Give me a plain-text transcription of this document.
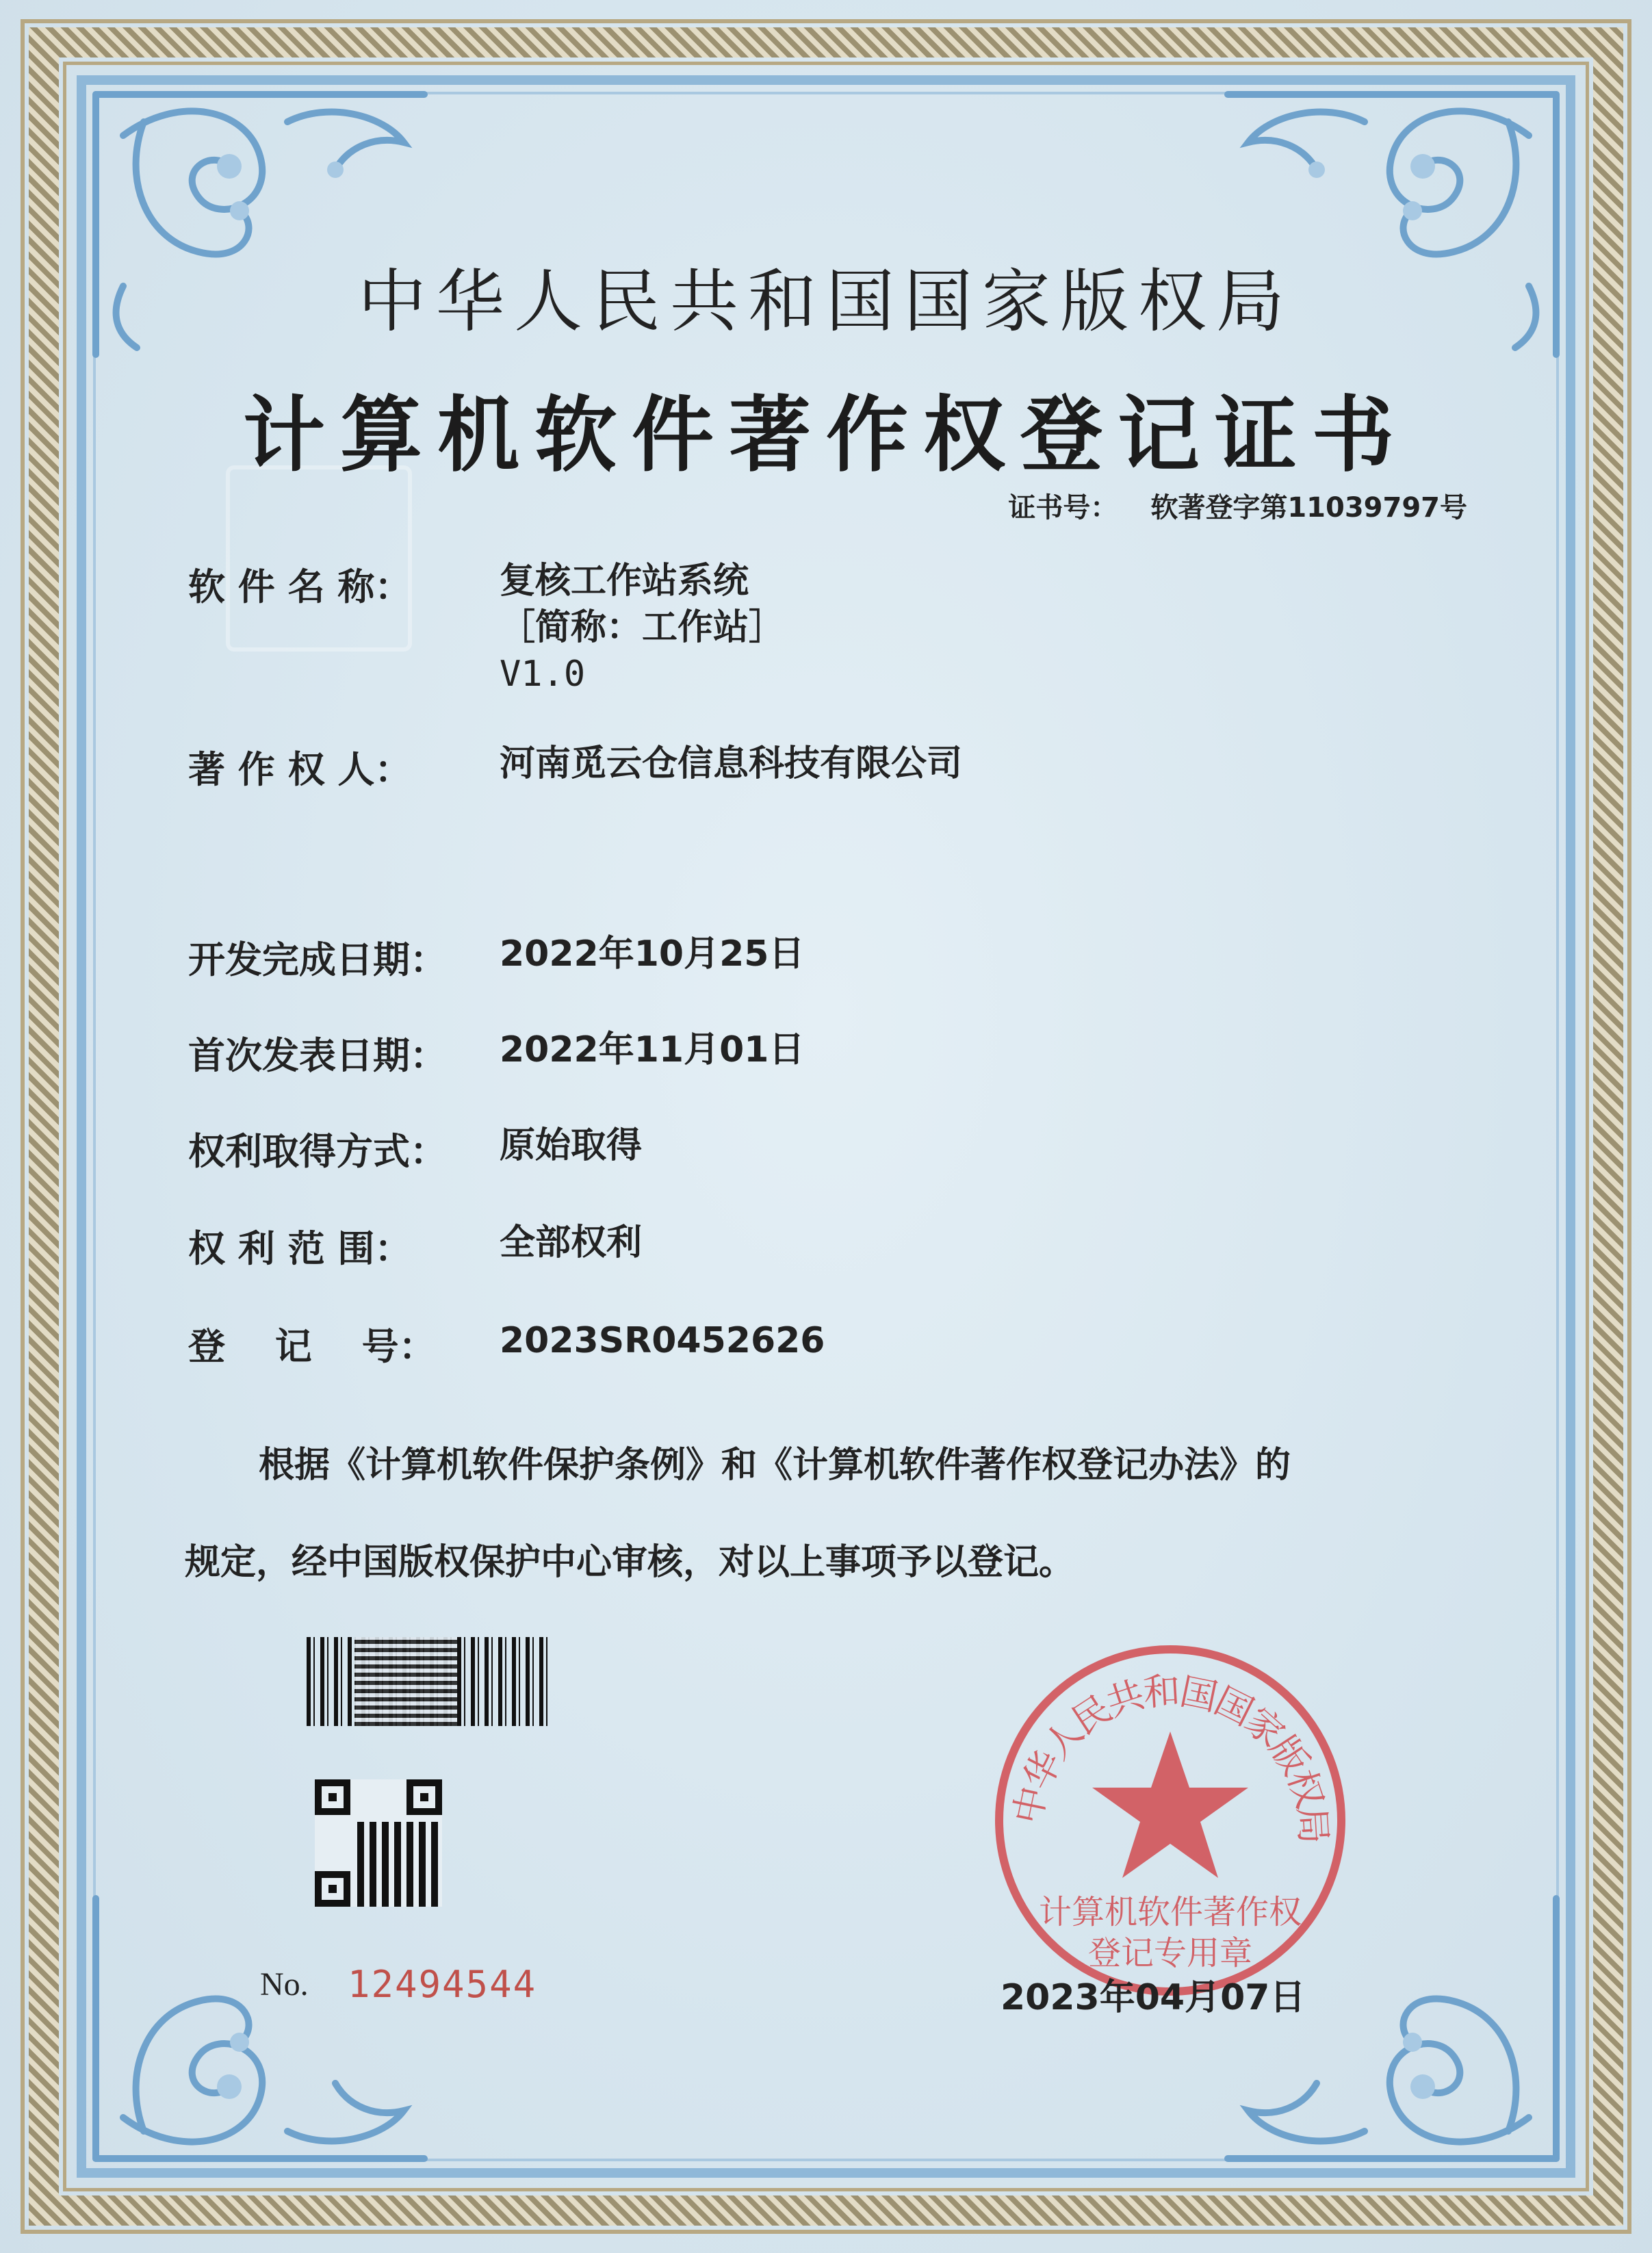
中华人民共和国国家版权局
计算机软件著作权登记证书
证书号： 软著登字第11039797号
软 件 名 称：	复核工作站系统
［简称：工作站］
V1.0
著 作 权 人：	河南觅云仓信息科技有限公司
开发完成日期：	2022年10月25日
首次发表日期：	2022年11月01日
权利取得方式：	原始取得
权 利 范 围：	全部权利
登　 记　 号：	2023SR0452626
根据《计算机软件保护条例》和《计算机软件著作权登记办法》的
规定，经中国版权保护中心审核，对以上事项予以登记。
No. 12494544
中华人民共和国国家版权局
计算机软件著作权
登记专用章
2023年04月07日
